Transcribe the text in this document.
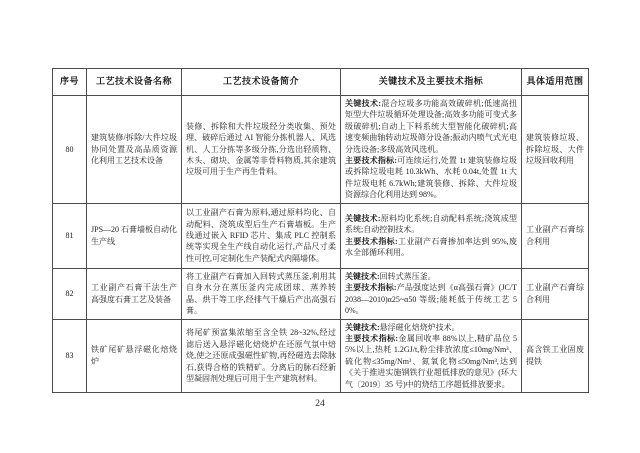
序号	工艺技术设备名称	工艺技术设备简介	关键技术及主要技术指标	具体适用范围
80	建筑装修/拆除/大件垃圾协同处置及高品质资源化利用工艺技术设备	装修、拆除和大件垃圾经分类收集、预处理、破碎后通过 AI 智能分拣机器人、风选机、人工分拣等多级分拣,分选出轻质物、木头、砌块、金属等非骨料物质,其余建筑垃圾可用于生产再生骨料。	关键技术:混合垃圾多功能高效破碎机;低速高扭矩型大件垃圾循环处理设备;高效多功能可变式多级破碎机;自动上下料系统大型智能化破碎机;高速变频曲轴转动垃圾筛分设备;振动内喷气式光电分选设备;多级高效风选机。

主要技术指标:可连续运行,处置 1t 建筑装修垃圾或拆除垃圾电耗 10.3kWh、水耗 0.04t,处置 1t 大件垃圾电耗 6.7kWh;建筑装修、拆除、大件垃圾资源综合化利用达到 98%。	建筑装修垃圾、拆除垃圾、大件垃圾回收利用
81	JPS—20 石膏墙板自动化生产线	以工业副产石膏为原料,通过原料均化、自动配料、浇筑成型后生产石膏墙板。生产线通过嵌入 RFID 芯片、集成 PLC 控制系统等实现全生产线自动化运行,产品尺寸柔性可控,可定制化生产装配式内隔墙体。	关键技术:原料均化系统;自动配料系统;浇筑成型系统;自动控制技术。

主要技术指标:工业副产石膏掺加率达到 95%,废水全部循环利用。	工业副产石膏综合利用
82	工业副产石膏干法生产高强度石膏工艺及装备	将工业副产石膏加入回转式蒸压釜,利用其自身水分在蒸压釜内完成团球、蒸养转晶、烘干等工序,经排气干燥后产出高强石膏。	关键技术:回转式蒸压釜。

主要技术指标:产品强度达到《α高强石膏》(JC/T 2038—2010)α25~α50 等级;能耗低于传统工艺 50%。	工业副产石膏综合利用
83	铁矿尾矿悬浮磁化焙烧炉	将尾矿预富集浓缩至含全铁 28~32%,经过滤后送入悬浮磁化焙烧炉在还原气氛中焙烧,使之还原成强磁性矿物,再经磁选去除脉石,获得合格的铁精矿。分离后的脉石经新型凝固剂处理后可用于生产建筑材料。	关键技术:悬浮磁化焙烧炉技术。

主要技术指标:金属回收率 88%以上,精矿品位 55%以上,热耗 1.2GJ/t,粉尘排放浓度≤10mg/Nm³、硫化物≤35mg/Nm³、氮氧化物≤50mg/Nm³,达到《关于推进实施钢铁行业超低排放的意见》(环大气〔2019〕35 号)中的烧结工序超低排放要求。	高含铁工业固废提铁
24
